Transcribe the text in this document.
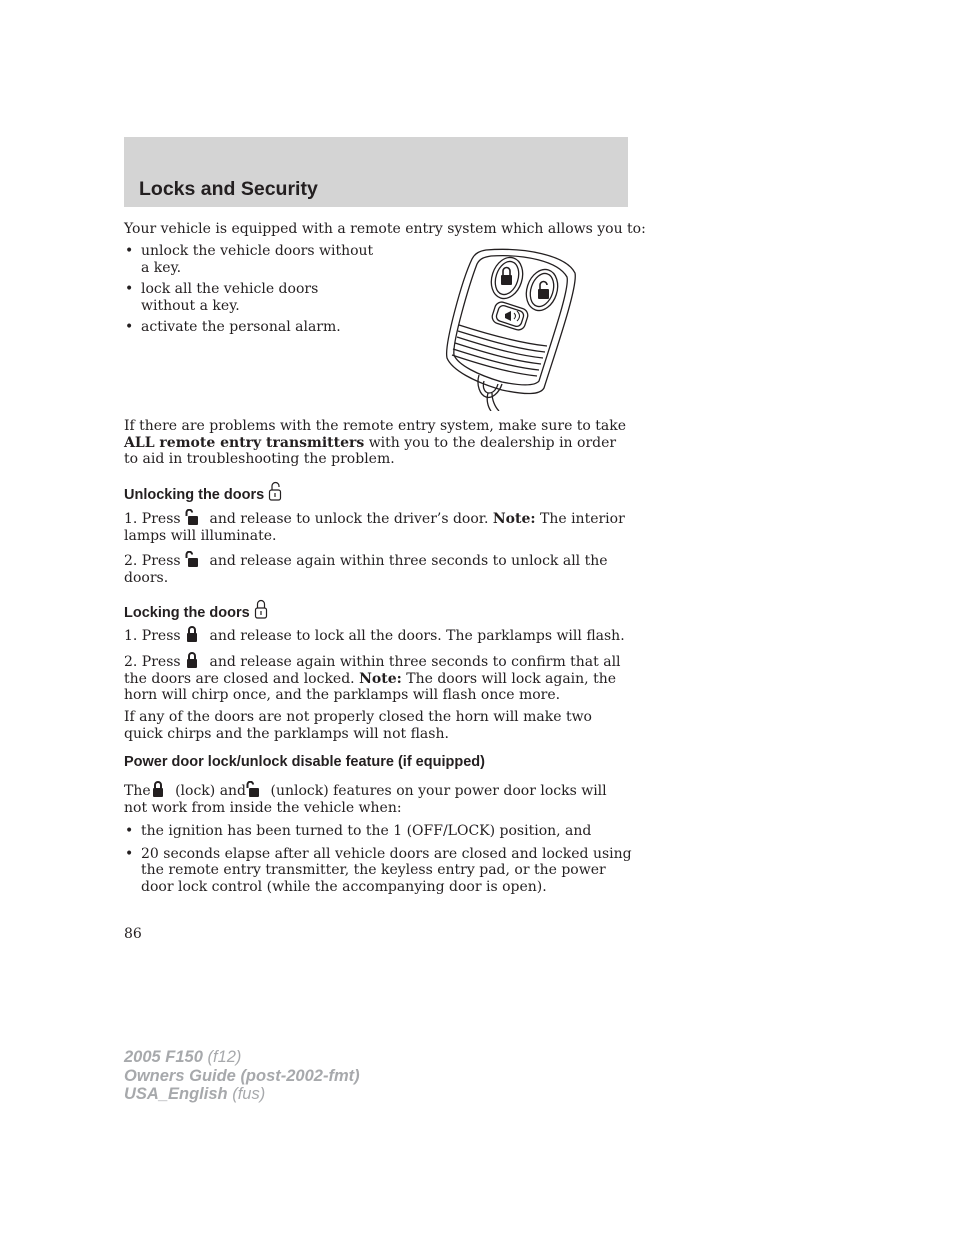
Locks and Security

Your vehicle is equipped with a remote entry system which allows you to:

• unlock the vehicle doors without a key.
• lock all the vehicle doors without a key.
• activate the personal alarm.

If there are problems with the remote entry system, make sure to take ALL remote entry transmitters with you to the dealership in order to aid in troubleshooting the problem.

Unlocking the doors

1. Press and release to unlock the driver’s door. Note: The interior lamps will illuminate.

2. Press and release again within three seconds to unlock all the doors.

Locking the doors

1. Press and release to lock all the doors. The parklamps will flash.

2. Press and release again within three seconds to confirm that all the doors are closed and locked. Note: The doors will lock again, the horn will chirp once, and the parklamps will flash once more.

If any of the doors are not properly closed the horn will make two quick chirps and the parklamps will not flash.

Power door lock/unlock disable feature (if equipped)

The (lock) and (unlock) features on your power door locks will not work from inside the vehicle when:

• the ignition has been turned to the 1 (OFF/LOCK) position, and
• 20 seconds elapse after all vehicle doors are closed and locked using the remote entry transmitter, the keyless entry pad, or the power door lock control (while the accompanying door is open).
86
2005 F150 (f12)
Owners Guide (post-2002-fmt)
USA_English (fus)
